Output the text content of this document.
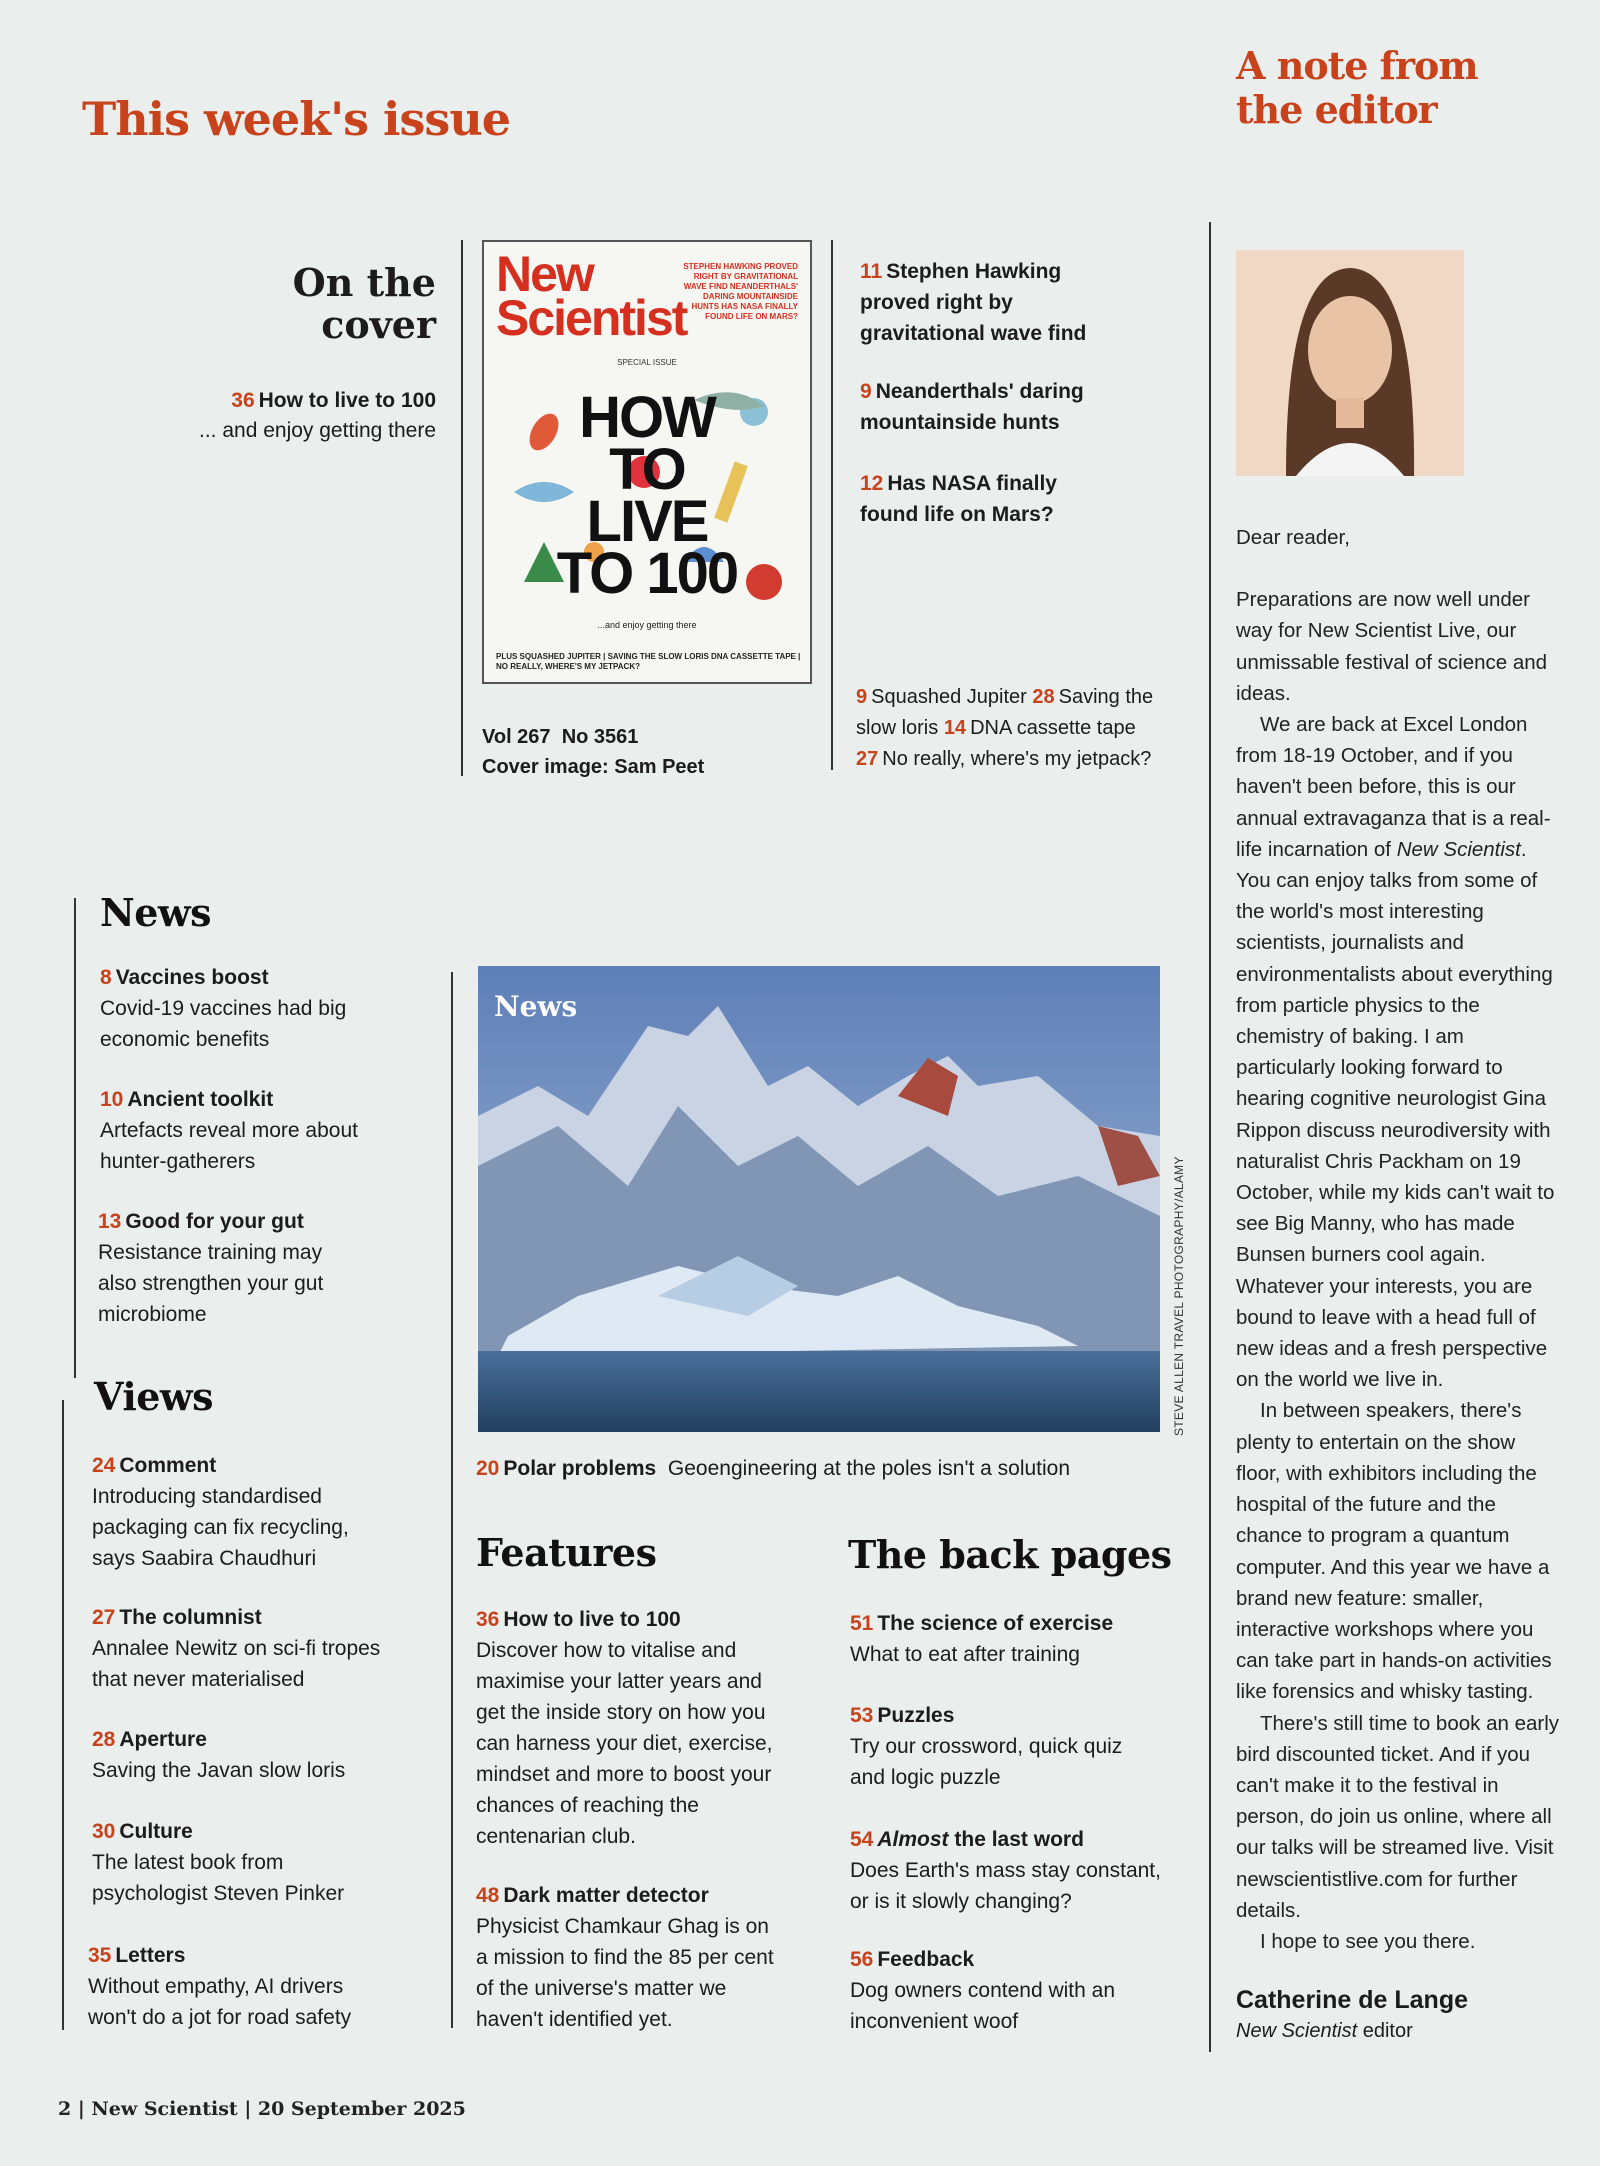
This week's issue
A note from the editor
On the cover
36 How to live to 100
... and enjoy getting there
New
Scientist
STEPHEN HAWKING PROVED RIGHT BY GRAVITATIONAL WAVE FIND NEANDERTHALS' DARING MOUNTAINSIDE HUNTS HAS NASA FINALLY FOUND LIFE ON MARS?
SPECIAL ISSUE
HOW
TO
LIVE
TO 100
...and enjoy getting there
PLUS SQUASHED JUPITER | SAVING THE SLOW LORIS DNA CASSETTE TAPE | NO REALLY, WHERE'S MY JETPACK?
Vol 267 No 3561
Cover image: Sam Peet
11 Stephen Hawking proved right by gravitational wave find
9 Neanderthals' daring mountainside hunts
12 Has NASA finally found life on Mars?
9 Squashed Jupiter 28 Saving the slow loris 14 DNA cassette tape 27 No really, where's my jetpack?
News
8 Vaccines boost
Covid-19 vaccines had big economic benefits
10 Ancient toolkit
Artefacts reveal more about hunter-gatherers
13 Good for your gut
Resistance training may also strengthen your gut microbiome
Views
24 Comment
Introducing standardised packaging can fix recycling, says Saabira Chaudhuri
27 The columnist
Annalee Newitz on sci-fi tropes that never materialised
28 Aperture
Saving the Javan slow loris
30 Culture
The latest book from psychologist Steven Pinker
35 Letters
Without empathy, AI drivers won't do a jot for road safety
News
STEVE ALLEN TRAVEL PHOTOGRAPHY/ALAMY
20 Polar problems Geoengineering at the poles isn't a solution
Features
36 How to live to 100
Discover how to vitalise and maximise your latter years and get the inside story on how you can harness your diet, exercise, mindset and more to boost your chances of reaching the centenarian club.
48 Dark matter detector
Physicist Chamkaur Ghag is on a mission to find the 85 per cent of the universe's matter we haven't identified yet.
The back pages
51 The science of exercise
What to eat after training
53 Puzzles
Try our crossword, quick quiz and logic puzzle
54 Almost the last word
Does Earth's mass stay constant, or is it slowly changing?
56 Feedback
Dog owners contend with an inconvenient woof
Dear reader,
Preparations are now well under way for New Scientist Live, our unmissable festival of science and ideas.
We are back at Excel London from 18-19 October, and if you haven't been before, this is our annual extravaganza that is a real-life incarnation of New Scientist. You can enjoy talks from some of the world's most interesting scientists, journalists and environmentalists about everything from particle physics to the chemistry of baking. I am particularly looking forward to hearing cognitive neurologist Gina Rippon discuss neurodiversity with naturalist Chris Packham on 19 October, while my kids can't wait to see Big Manny, who has made Bunsen burners cool again. Whatever your interests, you are bound to leave with a head full of new ideas and a fresh perspective on the world we live in.
In between speakers, there's plenty to entertain on the show floor, with exhibitors including the hospital of the future and the chance to program a quantum computer. And this year we have a brand new feature: smaller, interactive workshops where you can take part in hands-on activities like forensics and whisky tasting.
There's still time to book an early bird discounted ticket. And if you can't make it to the festival in person, do join us online, where all our talks will be streamed live. Visit newscientistlive.com for further details.
I hope to see you there.
Catherine de Lange
New Scientist editor
2 | New Scientist | 20 September 2025
